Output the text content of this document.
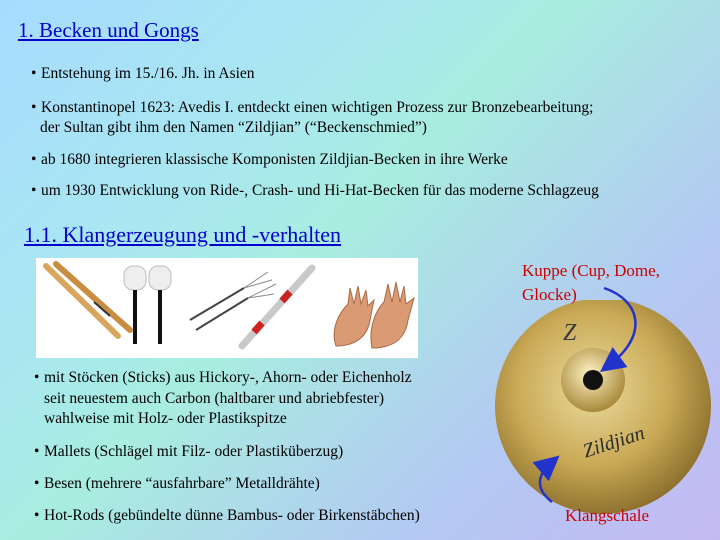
1. Becken und Gongs
• Entstehung im 15./16. Jh. in Asien
• Konstantinopel 1623: Avedis I. entdeckt einen wichtigen Prozess zur Bronzebearbeitung;
der Sultan gibt ihm den Namen “Zildjian” (“Beckenschmied”)
• ab 1680 integrieren klassische Komponisten Zildjian-Becken in ihre Werke
• um 1930 Entwicklung von Ride-, Crash- und Hi-Hat-Becken für das moderne Schlagzeug
1.1. Klangerzeugung und -verhalten
Z
Zildjian
Kuppe (Cup, Dome,
Glocke)
• mit Stöcken (Sticks) aus Hickory-, Ahorn- oder Eichenholz
seit neuestem auch Carbon (haltbarer und abriebfester)
wahlweise mit Holz- oder Plastikspitze
• Mallets (Schlägel mit Filz- oder Plastiküberzug)
• Besen (mehrere “ausfahrbare” Metalldrähte)
• Hot-Rods (gebündelte dünne Bambus- oder Birkenstäbchen)	Klangschale
